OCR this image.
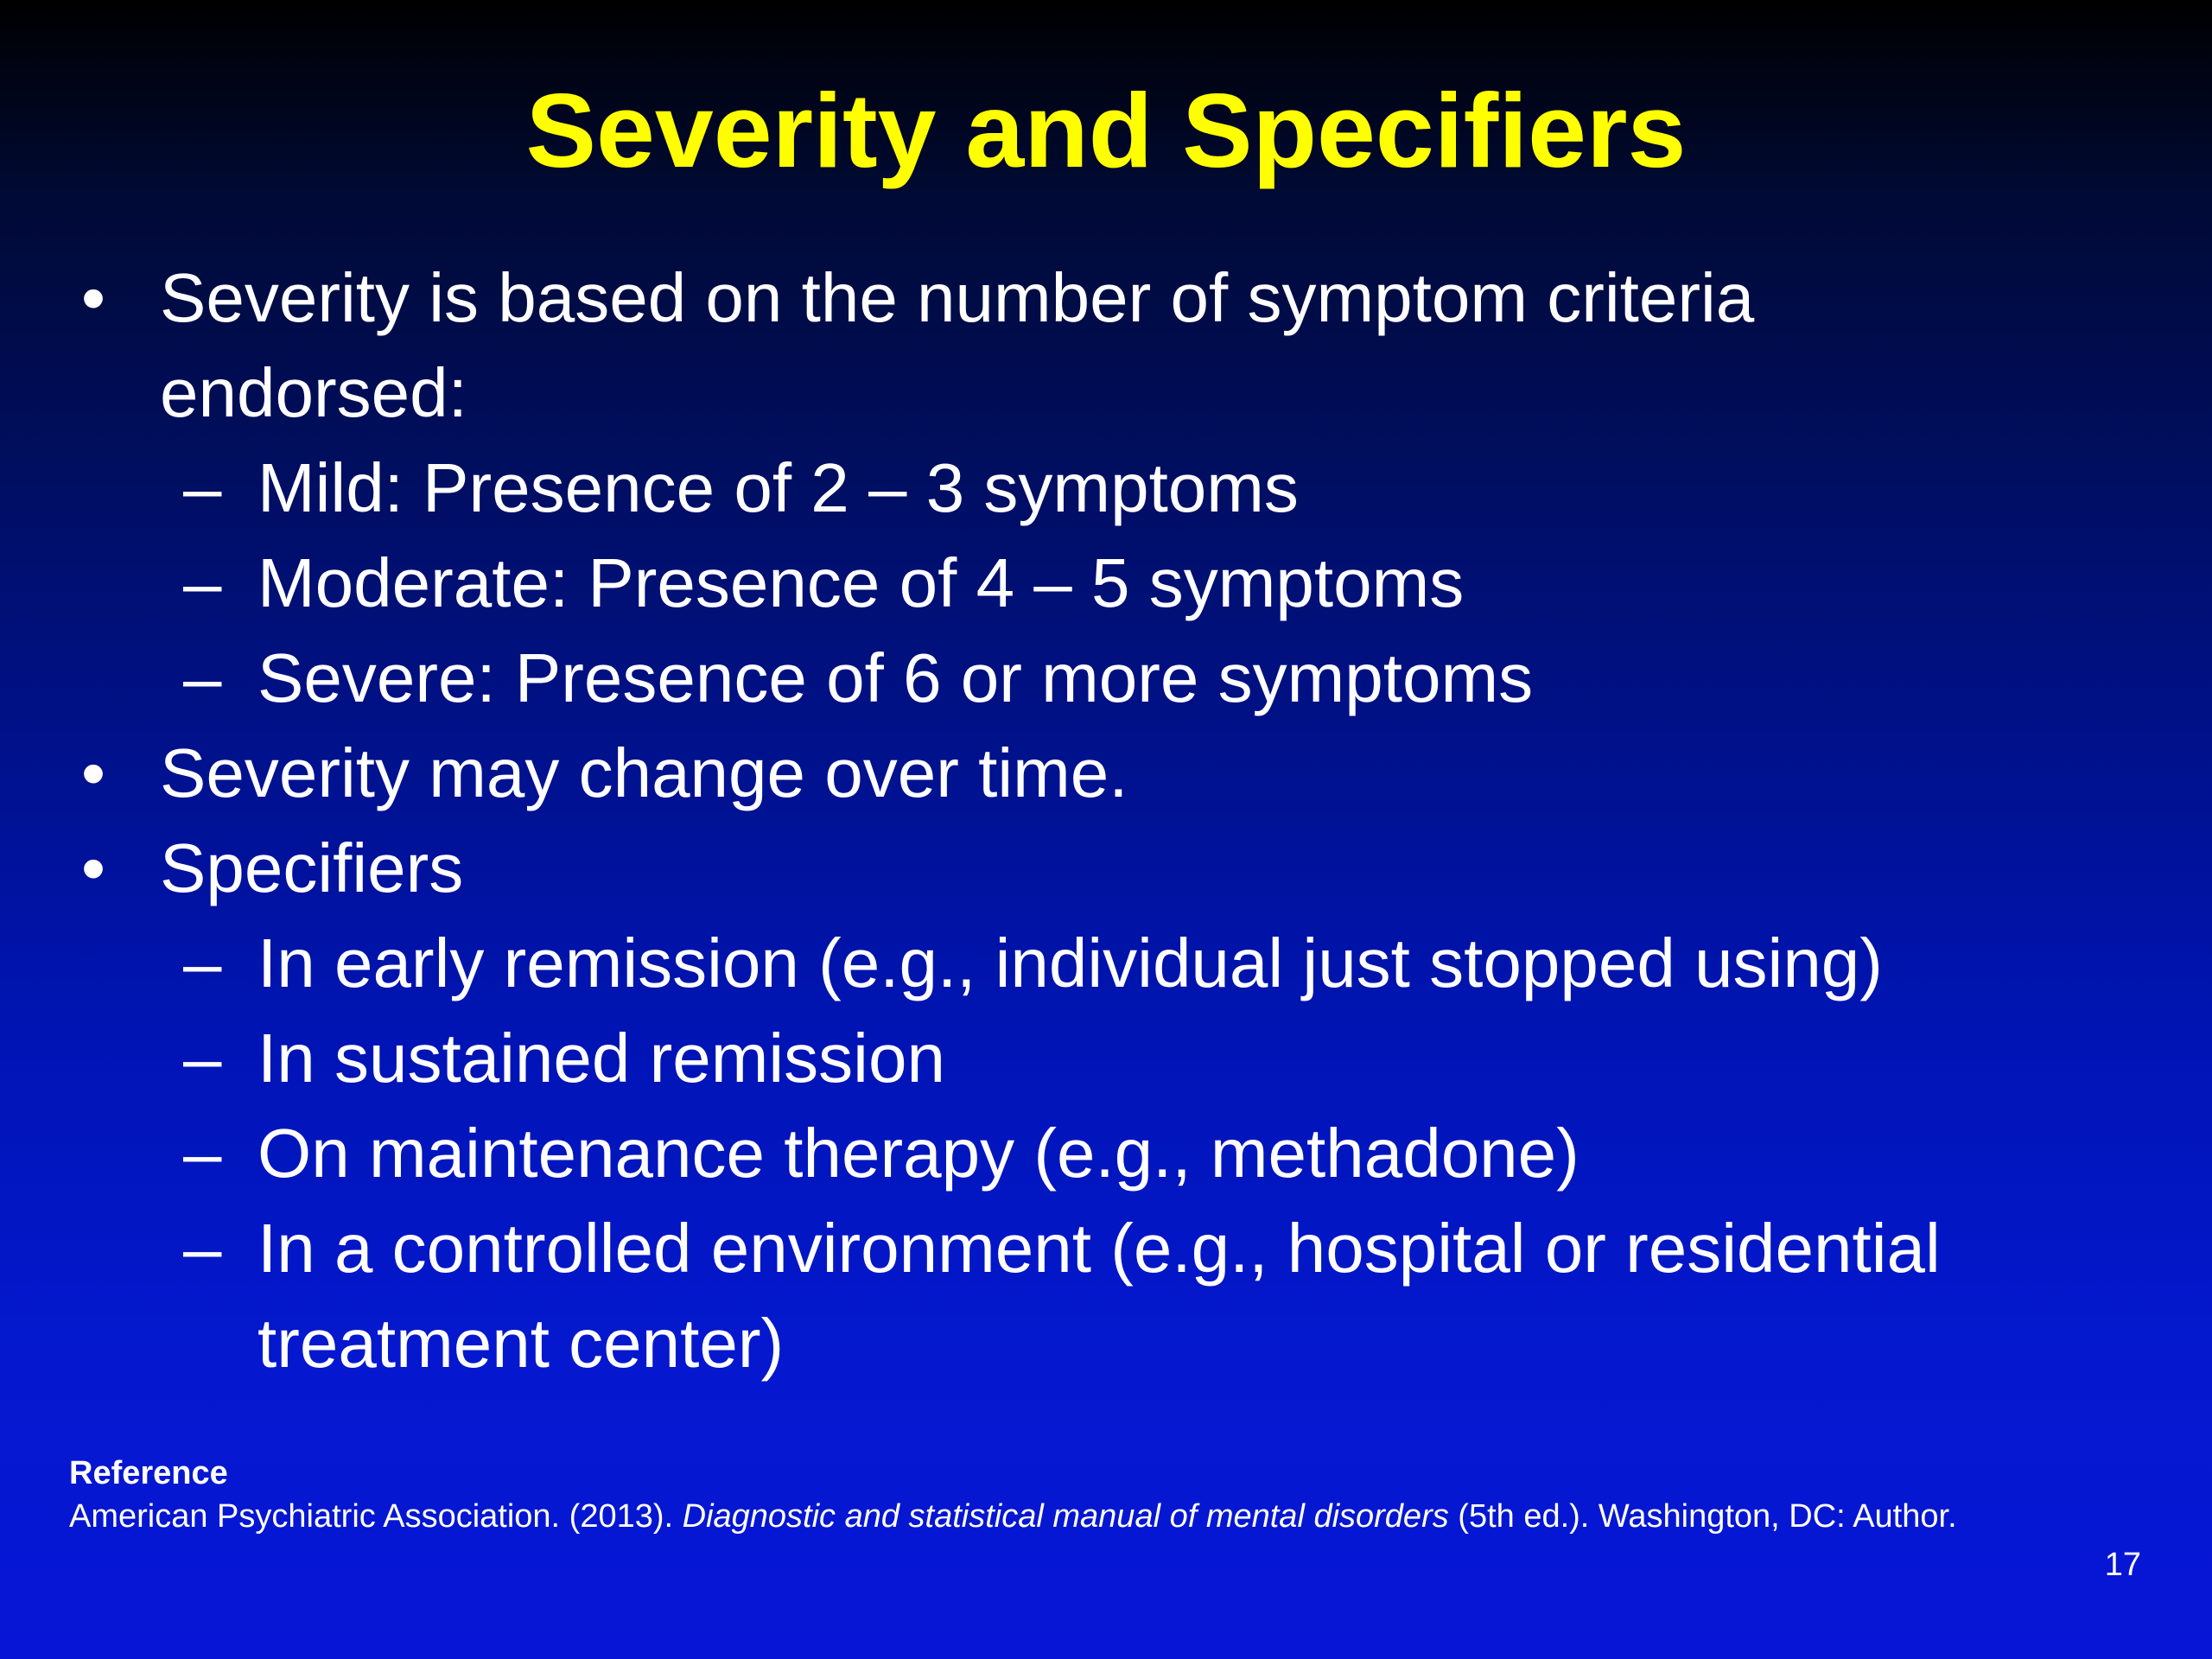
Severity and Specifiers
• Severity is based on the number of symptom criteria endorsed:
– Mild: Presence of 2 – 3 symptoms
– Moderate: Presence of 4 – 5 symptoms
– Severe: Presence of 6 or more symptoms
• Severity may change over time.
• Specifiers
– In early remission (e.g., individual just stopped using)
– In sustained remission
– On maintenance therapy (e.g., methadone)
– In a controlled environment (e.g., hospital or residential treatment center)
Reference
American Psychiatric Association. (2013). Diagnostic and statistical manual of mental disorders (5th ed.). Washington, DC: Author.
17
